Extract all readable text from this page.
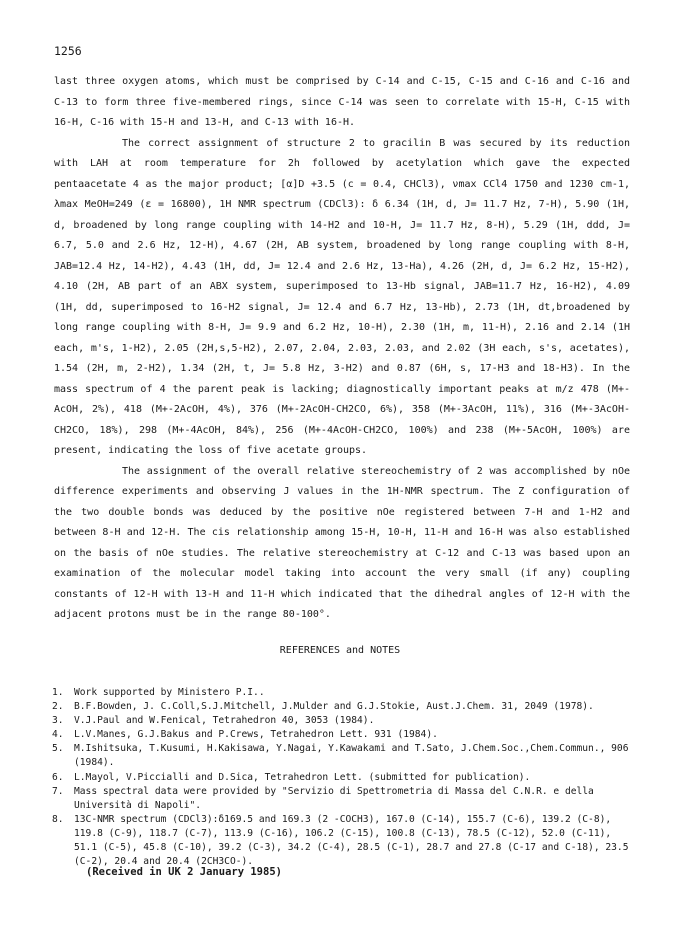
1256

last three oxygen atoms, which must be comprised by C-14 and C-15, C-15 and C-16 and C-16 and C-13 to form three five-membered rings, since C-14 was seen to correlate with 15-H, C-15 with 16-H, C-16 with 15-H and 13-H, and C-13 with 16-H.

The correct assignment of structure 2 to gracilin B was secured by its reduction with LAH at room temperature for 2h followed by acetylation which gave the expected pentaacetate 4 as the major product; [α]D +3.5 (c = 0.4, CHCl3), νmax CCl4 1750 and 1230 cm-1, λmax MeOH=249 (ε = 16800), 1H NMR spectrum (CDCl3): δ 6.34 (1H, d, J= 11.7 Hz, 7-H), 5.90 (1H, d, broadened by long range coupling with 14-H2 and 10-H, J= 11.7 Hz, 8-H), 5.29 (1H, ddd, J= 6.7, 5.0 and 2.6 Hz, 12-H), 4.67 (2H, AB system, broadened by long range coupling with 8-H, JAB=12.4 Hz, 14-H2), 4.43 (1H, dd, J= 12.4 and 2.6 Hz, 13-Ha), 4.26 (2H, d, J= 6.2 Hz, 15-H2), 4.10 (2H, AB part of an ABX system, superimposed to 13-Hb signal, JAB=11.7 Hz, 16-H2), 4.09 (1H, dd, superimposed to 16-H2 signal, J= 12.4 and 6.7 Hz, 13-Hb), 2.73 (1H, dt,broadened by long range coupling with 8-H, J= 9.9 and 6.2 Hz, 10-H), 2.30 (1H, m, 11-H), 2.16 and 2.14 (1H each, m's, 1-H2), 2.05 (2H,s,5-H2), 2.07, 2.04, 2.03, 2.03, and 2.02 (3H each, s's, acetates), 1.54 (2H, m, 2-H2), 1.34 (2H, t, J= 5.8 Hz, 3-H2) and 0.87 (6H, s, 17-H3 and 18-H3). In the mass spectrum of 4 the parent peak is lacking; diagnostically important peaks at m/z 478 (M+-AcOH, 2%), 418 (M+-2AcOH, 4%), 376 (M+-2AcOH-CH2CO, 6%), 358 (M+-3AcOH, 11%), 316 (M+-3AcOH-CH2CO, 18%), 298 (M+-4AcOH, 84%), 256 (M+-4AcOH-CH2CO, 100%) and 238 (M+-5AcOH, 100%) are present, indicating the loss of five acetate groups.

The assignment of the overall relative stereochemistry of 2 was accomplished by nOe difference experiments and observing J values in the 1H-NMR spectrum. The Z configuration of the two double bonds was deduced by the positive nOe registered between 7-H and 1-H2 and between 8-H and 12-H. The cis relationship among 15-H, 10-H, 11-H and 16-H was also established on the basis of nOe studies. The relative stereochemistry at C-12 and C-13 was based upon an examination of the molecular model taking into account the very small (if any) coupling constants of 12-H with 13-H and 11-H which indicated that the dihedral angles of 12-H with the adjacent protons must be in the range 80-100°.

REFERENCES and NOTES
1.	Work supported by Ministero P.I..
2.	B.F.Bowden, J. C.Coll,S.J.Mitchell, J.Mulder and G.J.Stokie, Aust.J.Chem. 31, 2049 (1978).
3.	V.J.Paul and W.Fenical, Tetrahedron 40, 3053 (1984).
4.	L.V.Manes, G.J.Bakus and P.Crews, Tetrahedron Lett. 931 (1984).
5.	M.Ishitsuka, T.Kusumi, H.Kakisawa, Y.Nagai, Y.Kawakami and T.Sato, J.Chem.Soc.,Chem.Commun., 906 (1984).
6.	L.Mayol, V.Piccialli and D.Sica, Tetrahedron Lett. (submitted for publication).
7.	Mass spectral data were provided by "Servizio di Spettrometria di Massa del C.N.R. e della Università di Napoli".
8.	13C-NMR spectrum (CDCl3):δ169.5 and 169.3 (2 -COCH3), 167.0 (C-14), 155.7 (C-6), 139.2 (C-8), 119.8 (C-9), 118.7 (C-7), 113.9 (C-16), 106.2 (C-15), 100.8 (C-13), 78.5 (C-12), 52.0 (C-11), 51.1 (C-5), 45.8 (C-10), 39.2 (C-3), 34.2 (C-4), 28.5 (C-1), 28.7 and 27.8 (C-17 and C-18), 23.5 (C-2), 20.4 and 20.4 (2CH3CO-).
(Received in UK 2 January 1985)
